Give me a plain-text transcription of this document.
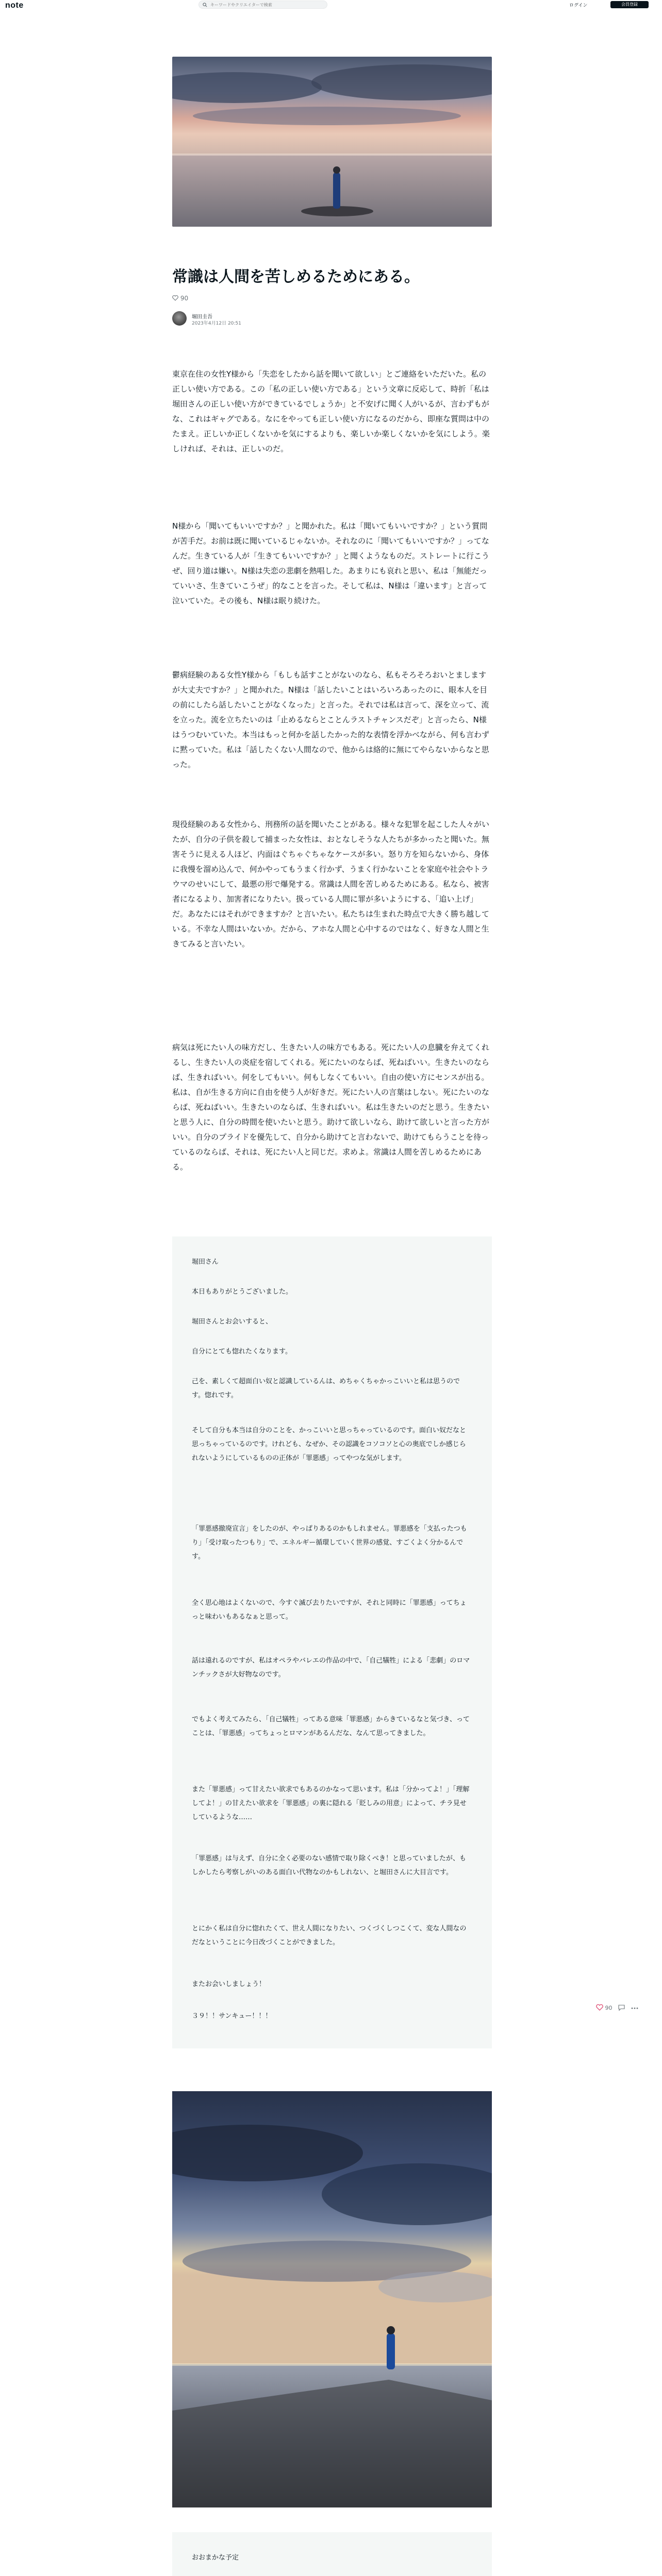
note
キーワードやクリエイターで検索	ログイン	会員登録
常識は人間を苦しめるためにある。
90
堀田圭吾
2023年4月12日 20:51

東京在住の女性Y様から「失恋をしたから話を聞いて欲しい」とご連絡をいただいた。私の正しい使い方である。この「私の正しい使い方である」という文章に反応して、時折「私は堀田さんの正しい使い方ができているでしょうか」と不安げに聞く人がいるが、言わずもがな、これはギャグである。なにをやっても正しい使い方になるのだから、即座な質問は中のたまえ。正しいか正しくないかを気にするよりも、楽しいか楽しくないかを気にしよう。楽しければ、それは、正しいのだ。

N様から「聞いてもいいですか？」と聞かれた。私は「聞いてもいいですか？」という質問が苦手だ。お前は既に聞いているじゃないか。それなのに「聞いてもいいですか？」ってなんだ。生きている人が「生きてもいいですか？」と聞くようなものだ。ストレートに行こうぜ、回り道は嫌い。N様は失恋の悲劇を熱唱した。あまりにも哀れと思い、私は「無能だっていいさ、生きていこうぜ」的なことを言った。そして私は、N様は「違います」と言って泣いていた。その後も、N様は眠り続けた。

鬱病経験のある女性Y様から「もしも話すことがないのなら、私もそろそろおいとましますが大丈夫ですか？」と聞かれた。N様は「話したいことはいろいろあったのに、眼本人を目の前にしたら話したいことがなくなった」と言った。それでは私は言って、深を立って、流を立った。流を立ちたいのは「止めるならとことんラストチャンスだぞ」と言ったら、N様はうつむいていた。本当はもっと何かを話したかった的な表情を浮かべながら、何も言わずに黙っていた。私は「話したくない人間なので、他からは絡的に無にてやらないからなと思った。

現役経験のある女性から、刑務所の話を聞いたことがある。様々な犯罪を起こした人々がいたが、自分の子供を殺して捕まった女性は、おとなしそうな人たちが多かったと聞いた。無害そうに見える人ほど、内面はぐちゃぐちゃなケースが多い。怒り方を知らないから、身体に我慢を溜め込んで、何かやってもうまく行かず、うまく行かないことを家庭や社会やトラウマのせいにして、最悪の形で爆発する。常識は人間を苦しめるためにある。私なら、被害者になるより、加害者になりたい。扱っている人間に罪が多いようにする、「追い上げ」だ。あなたにはそれができますか？と言いたい。私たちは生まれた時点で大きく勝ち越している。不幸な人間はいないか。だから、アホな人間と心中するのではなく、好きな人間と生きてみると言いたい。

病気は死にたい人の味方だし、生きたい人の味方でもある。死にたい人の息臓を弁えてくれるし、生きたい人の炎症を宿してくれる。死にたいのならば、死ねばいい。生きたいのならば、生きればいい。何をしてもいい。何もしなくてもいい。自由の使い方にセンスが出る。私は、自が生きる方向に自由を使う人が好きだ。死にたい人の言葉はしない。死にたいのならば、死ねばいい。生きたいのならば、生きればいい。私は生きたいのだと思う。生きたいと思う人に、自分の時間を使いたいと思う。助けて欲しいなら、助けて欲しいと言った方がいい。自分のプライドを優先して、自分から助けてと言わないで、助けてもらうことを待っているのならば、それは、死にたい人と同じだ。求めよ。常識は人間を苦しめるためにある。

堀田さん

本日もありがとうございました。

堀田さんとお会いすると、

自分にとても惚れたくなります。

己を、素しくて超面白い奴と認識しているんは、めちゃくちゃかっこいいと私は思うのです。惚れです。

そして自分も本当は自分のことを、かっこいいと思っちゃっているのです。面白い奴だなと思っちゃっているのです。けれども、なぜか、その認識をコソコソと心の奥底でしか感じられないようにしているものの正体が「罪悪感」ってやつな気がします。

「罪悪感撤廃宣言」をしたのが、やっぱりあるのかもしれません。罪悪感を「支払ったつもり」「受け取ったつもり」で、エネルギー循環していく世界の感覚、すごくよく分かるんです。

全く思心地はよくないので、今すぐ滅び去りたいですが、それと同時に「罪悪感」ってちょっと味わいもあるなぁと思って。

話は遠れるのですが、私はオペラやバレエの作品の中で、「自己犠牲」による「悲劇」のロマンチックさが大好物なのです。

でもよく考えてみたら、「自己犠牲」ってある意味「罪悪感」からきているなと気づき、ってことは、「罪悪感」ってちょっとロマンがあるんだな、なんて思ってきました。

また「罪悪感」って甘えたい欲求でもあるのかなって思います。私は「分かってよ！」「理解してよ！」の甘えたい欲求を「罪悪感」の裏に隠れる「貶しみの用意」によって、チラ見せしているような……

「罪悪感」は与えず、自分に全く必要のない感情で取り除くべき！と思っていましたが、もしかしたら考察しがいのある面白い代物なのかもしれない、と堀田さんに大目言です。

とにかく私は自分に惚れたくて、世え人間になりたい、つくづくしつこくて、変な人間なのだなということに今日改づくことができました。

またお会いしましょう！

３９！！サンキュー！！！

90
おおまかな予定
